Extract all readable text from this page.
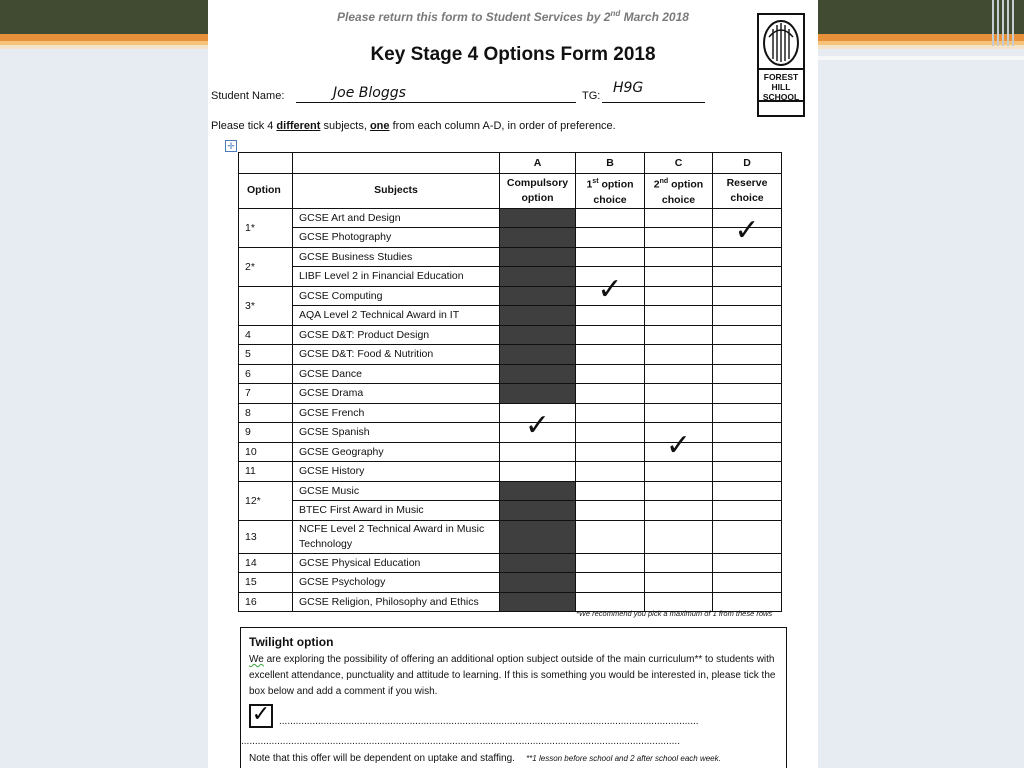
Please return this form to Student Services by 2nd March 2018
Key Stage 4 Options Form 2018
FOREST HILL SCHOOL
Student Name:	Joe Bloggs	TG: H9G
Please tick 4 different subjects, one from each column A-D, in order of preference.
✛
		A	B	C	D
Option	Subjects	Compulsory option	1st option choice	2nd option choice	Reserve choice
1*	GCSE Art and Design				
	GCSE Photography				✓

2*	GCSE Business Studies				
	LIBF Level 2 in Financial Education				
3*	GCSE Computing		✓		

	AQA Level 2 Technical Award in IT				
4	GCSE D&T: Product Design				
5	GCSE D&T: Food & Nutrition				
6	GCSE Dance				
7	GCSE Drama				
8	GCSE French				
9	GCSE Spanish	✓			

10	GCSE Geography			✓	

11	GCSE History				
12*	GCSE Music				
	BTEC First Award in Music				
13	NCFE Level 2 Technical Award in Music Technology				
14	GCSE Physical Education				
15	GCSE Psychology				
16	GCSE Religion, Philosophy and Ethics				
*We recommend you pick a maximum of 1 from these rows
Twilight option
We are exploring the possibility of offering an additional option subject outside of the main curriculum** to students with excellent attendance, punctuality and attitude to learning. If this is something you would be interested in, please tick the box below and add a comment if you wish.
✓ .......................................................................................................................................................
..............................................................................................................................................................
Note that this offer will be dependent on uptake and staffing. **1 lesson before school and 2 after school each week.
